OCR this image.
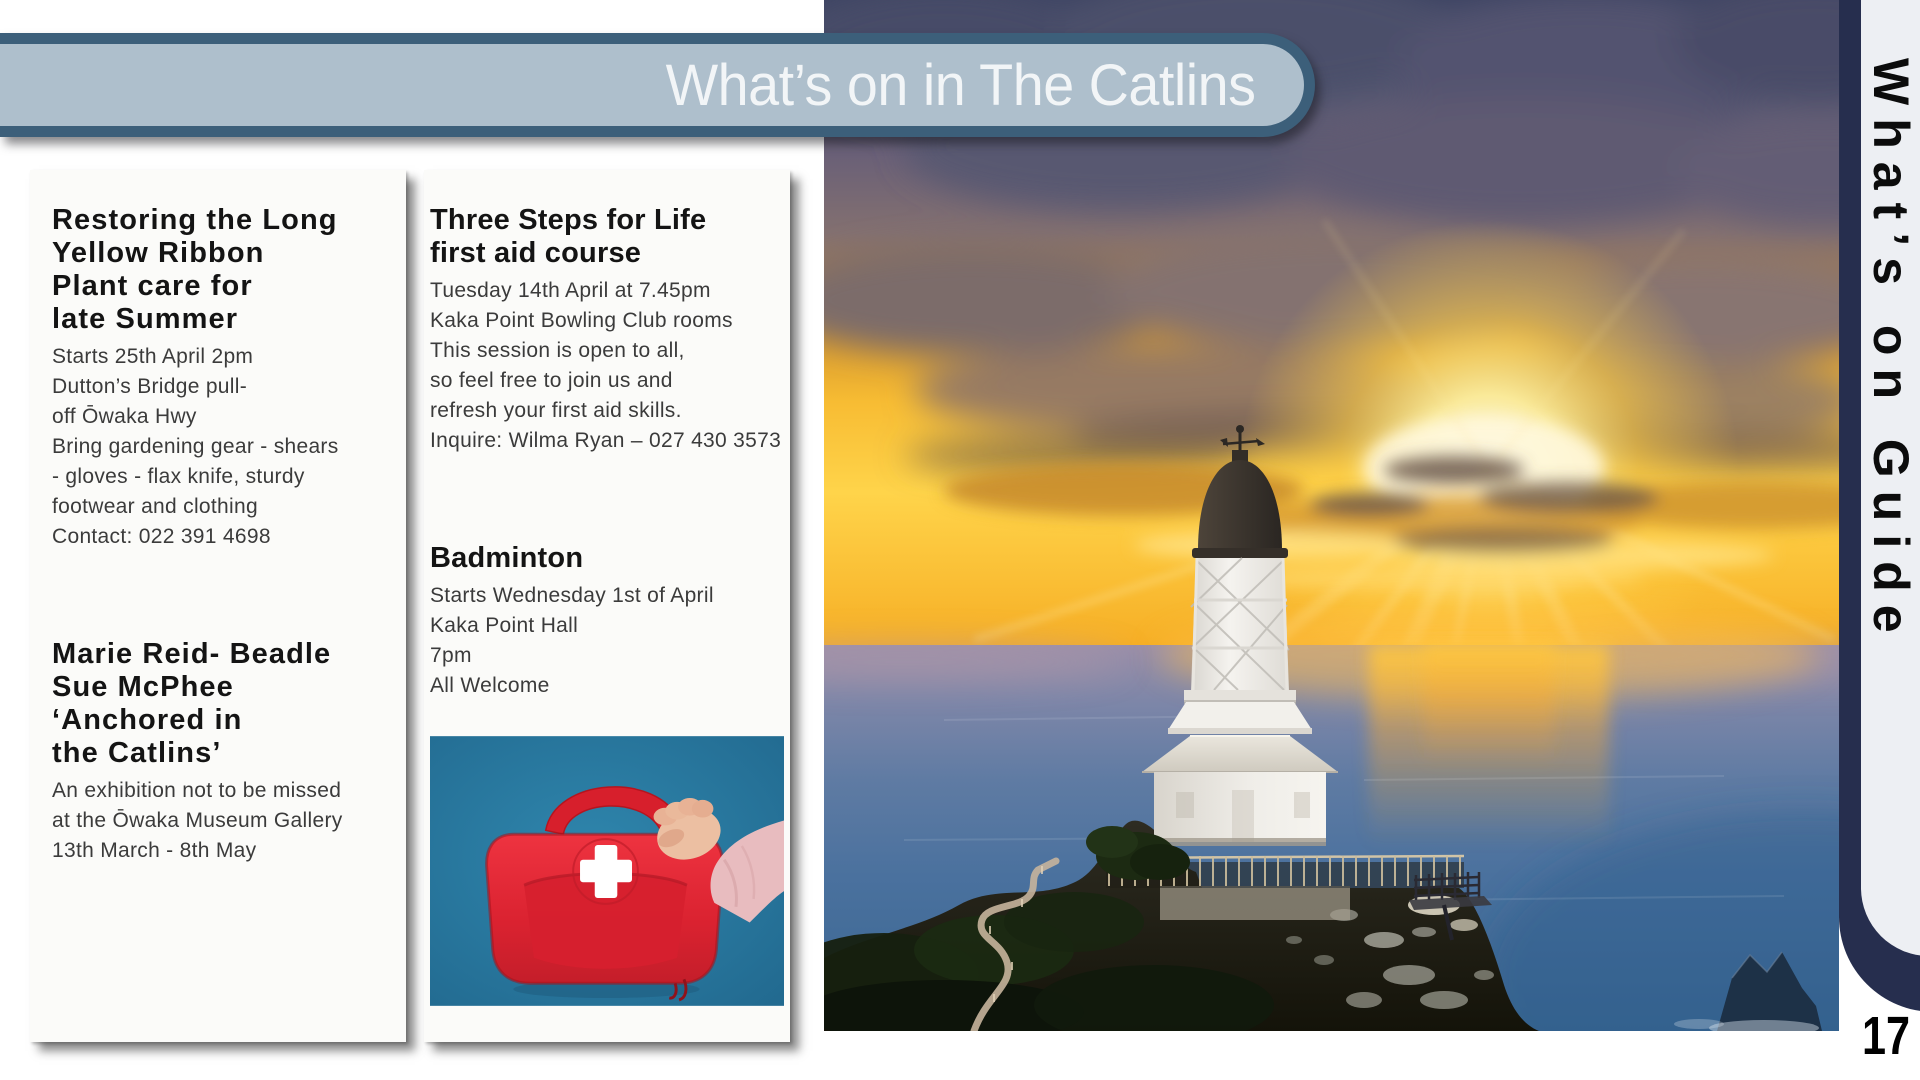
What’s on in The Catlins
Restoring the Long
Yellow Ribbon
Plant care for
late Summer
Starts 25th April 2pm
Dutton’s Bridge pull-
off Ōwaka Hwy
Bring gardening gear - shears
- gloves - flax knife, sturdy
footwear and clothing
Contact: 022 391 4698
Marie Reid- Beadle
Sue McPhee
‘Anchored in
the Catlins’
An exhibition not to be missed
at the Ōwaka Museum Gallery
13th March - 8th May
Three Steps for Life
first aid course
Tuesday 14th April at 7.45pm
Kaka Point Bowling Club rooms
This session is open to all,
so feel free to join us and
refresh your first aid skills.
Inquire: Wilma Ryan – 027 430 3573
Badminton
Starts Wednesday 1st of April
Kaka Point Hall
7pm
All Welcome
What’s on Guide
17
